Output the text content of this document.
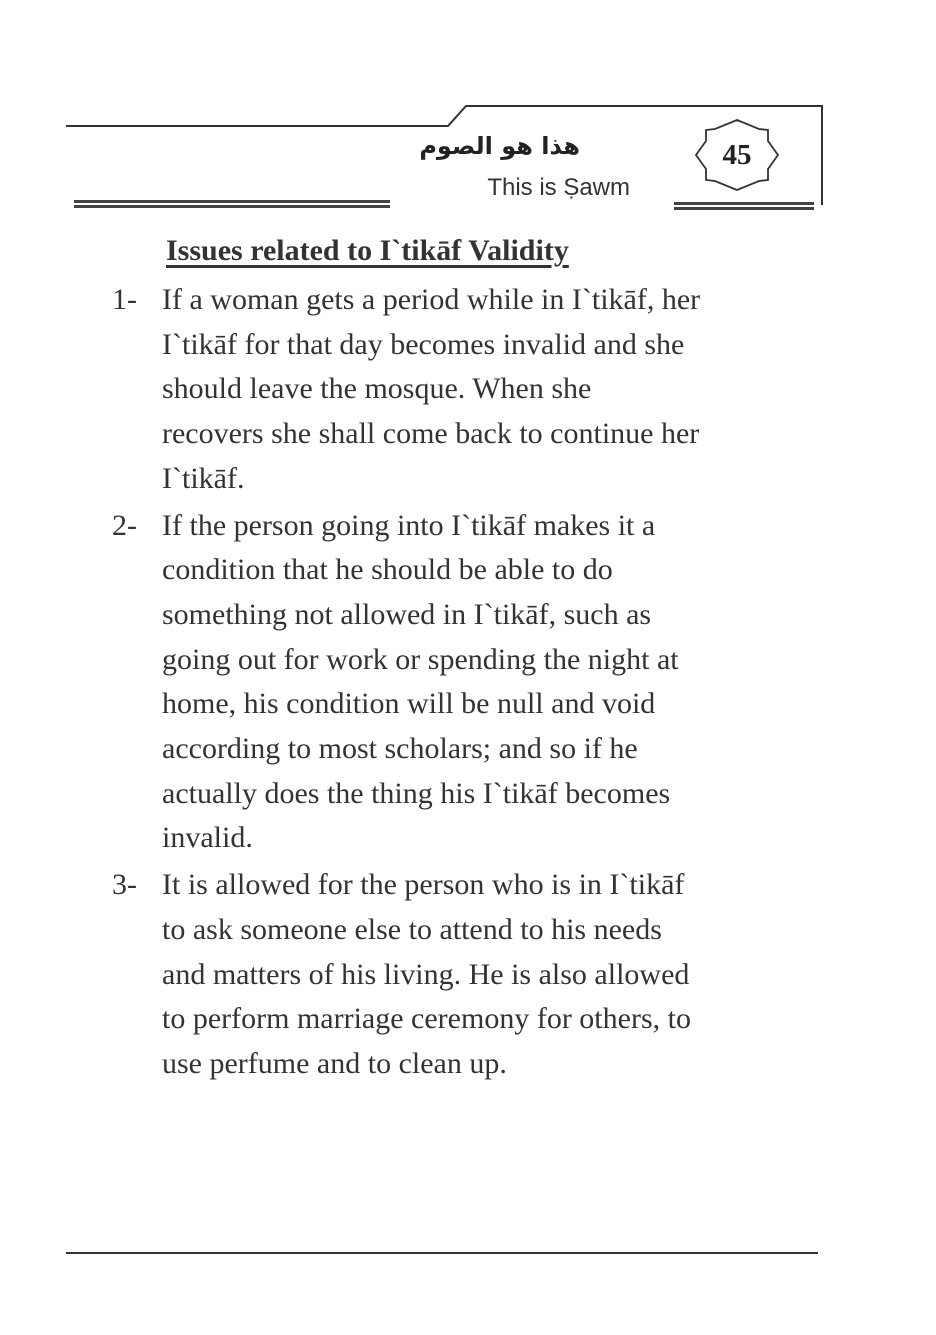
هذا هو الصوم
This is Ṣawm
45
Issues related to I`tikāf Validity
1- If a woman gets a period while in I`tikāf, her
I`tikāf for that day becomes invalid and she
should leave the mosque. When she
recovers she shall come back to continue her
I`tikāf.
2- If the person going into I`tikāf makes it a
condition that he should be able to do
something not allowed in I`tikāf, such as
going out for work or spending the night at
home, his condition will be null and void
according to most scholars; and so if he
actually does the thing his I`tikāf becomes
invalid.
3- It is allowed for the person who is in I`tikāf
to ask someone else to attend to his needs
and matters of his living. He is also allowed
to perform marriage ceremony for others, to
use perfume and to clean up.
